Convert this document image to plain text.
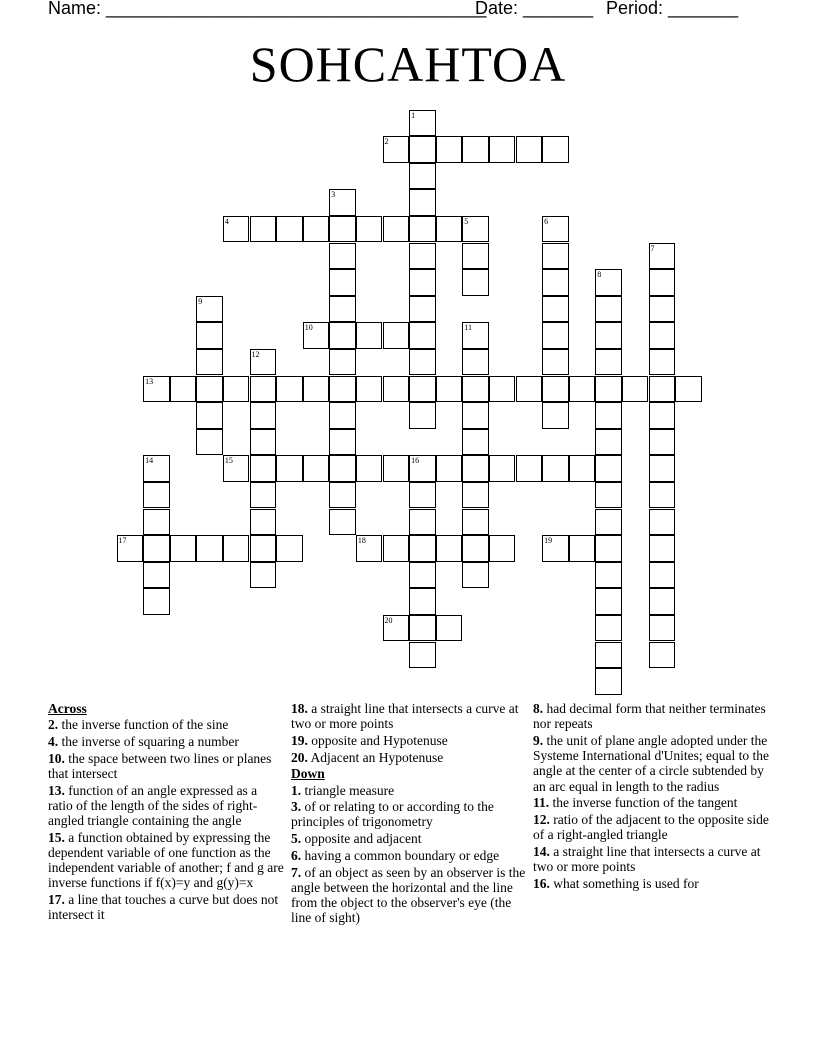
Name: ______________________________________
Date: _______ Period: _______
SOHCAHTOA
1
2
3
4	5	6
7
8
9
10	11
12
13
14	15	16
17	18	19
20
Across
2. the inverse function of the sine
4. the inverse of squaring a number
10. the space between two lines or planes that intersect
13. function of an angle expressed as a ratio of the length of the sides of right-angled triangle containing the angle
15. a function obtained by expressing the dependent variable of one function as the independent variable of another; f and g are inverse functions if f(x)=y and g(y)=x
17. a line that touches a curve but does not intersect it
18. a straight line that intersects a curve at two or more points
19. opposite and Hypotenuse
20. Adjacent an Hypotenuse
Down
1. triangle measure
3. of or relating to or according to the principles of trigonometry
5. opposite and adjacent
6. having a common boundary or edge
7. of an object as seen by an observer is the angle between the horizontal and the line from the object to the observer's eye (the line of sight)
8. had decimal form that neither terminates nor repeats
9. the unit of plane angle adopted under the Systeme International d'Unites; equal to the angle at the center of a circle subtended by an arc equal in length to the radius
11. the inverse function of the tangent
12. ratio of the adjacent to the opposite side of a right-angled triangle
14. a straight line that intersects a curve at two or more points
16. what something is used for
